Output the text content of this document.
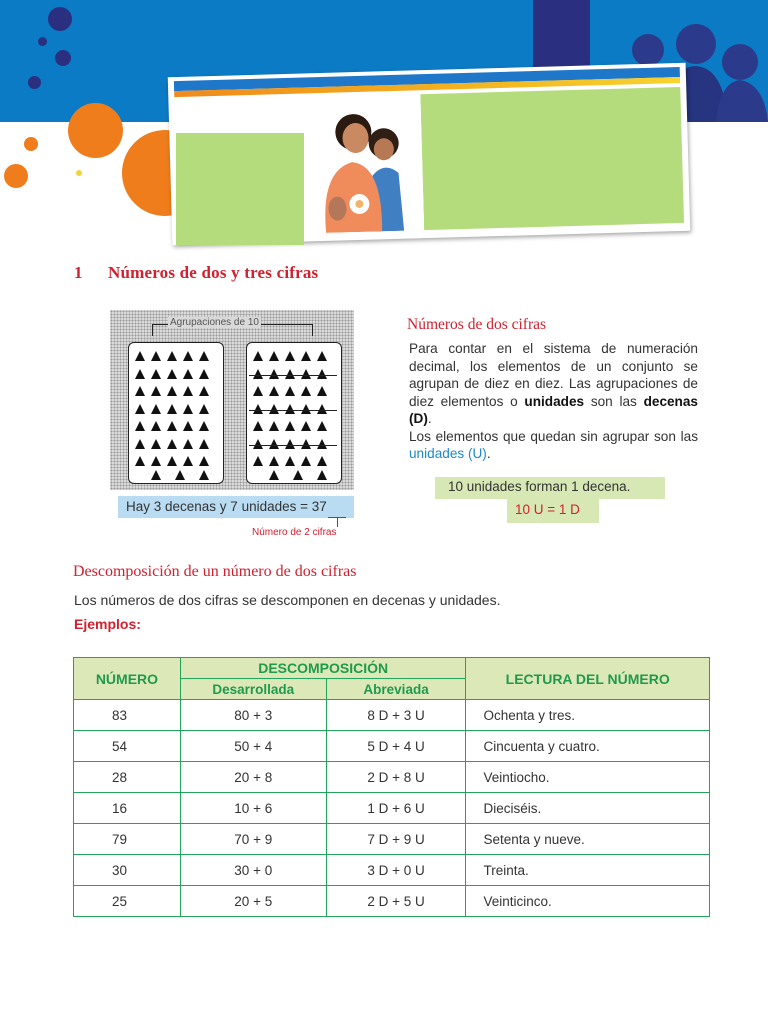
1 Números de dos y tres cifras
Agrupaciones de 10
Hay 3 decenas y 7 unidades = 37
Número de 2 cifras
Números de dos cifras
Para contar en el sistema de numeración decimal, los elementos de un conjunto se agrupan de diez en diez. Las agrupaciones de diez elementos o unidades son las decenas (D).
Los elementos que quedan sin agrupar son las unidades (U).
10 unidades forman 1 decena.
10 U = 1 D
Descomposición de un número de dos cifras
Los números de dos cifras se descomponen en decenas y unidades.
Ejemplos:
NÚMERO	DESCOMPOSICIÓN		LECTURA DEL NÚMERO
	Desarrollada	Abreviada	
83	80 + 3	8 D + 3 U	Ochenta y tres.
54	50 + 4	5 D + 4 U	Cincuenta y cuatro.
28	20 + 8	2 D + 8 U	Veintiocho.
16	10 + 6	1 D + 6 U	Dieciséis.
79	70 + 9	7 D + 9 U	Setenta y nueve.
30	30 + 0	3 D + 0 U	Treinta.
25	20 + 5	2 D + 5 U	Veinticinco.
